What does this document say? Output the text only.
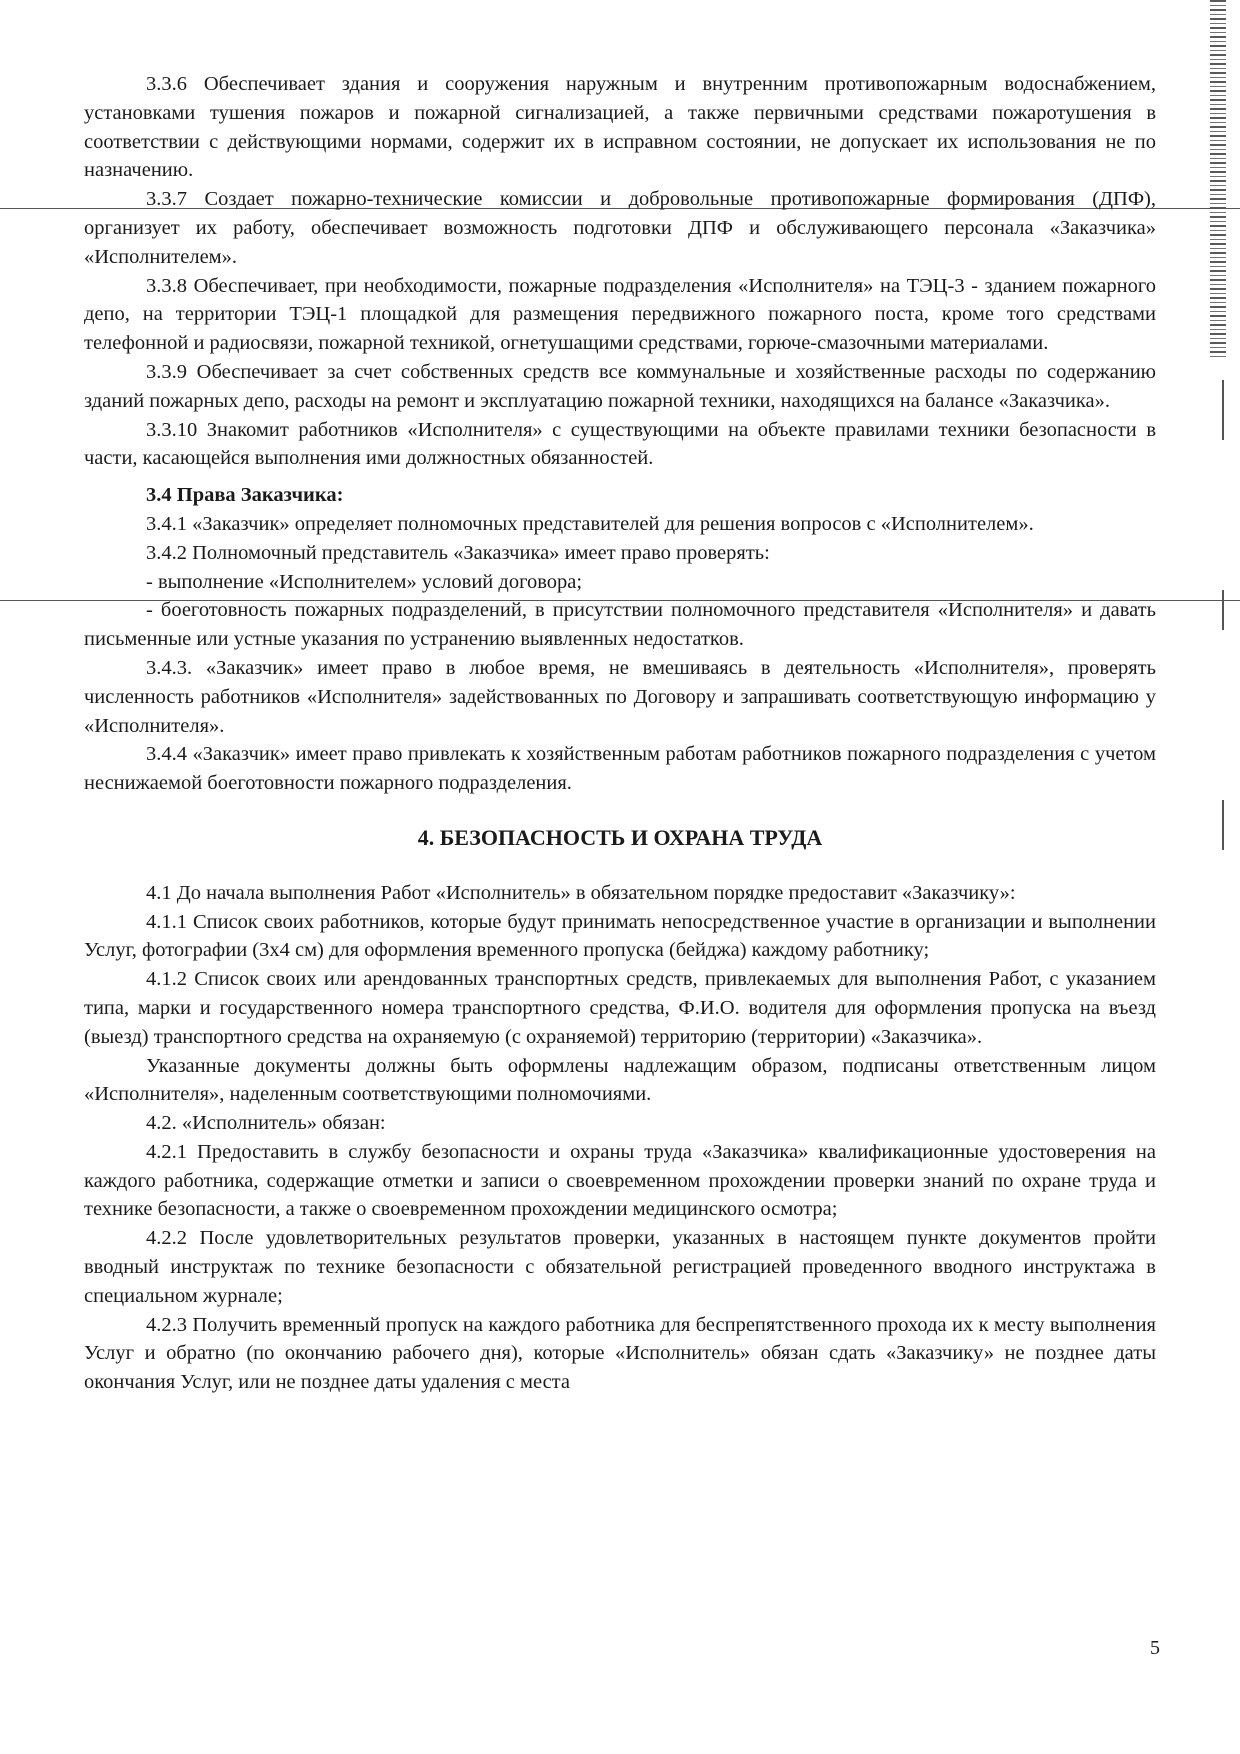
3.3.6 Обеспечивает здания и сооружения наружным и внутренним противопожарным водоснабжением, установками тушения пожаров и пожарной сигнализацией, а также первичными средствами пожаротушения в соответствии с действующими нормами, содержит их в исправном состоянии, не допускает их использования не по назначению.

3.3.7 Создает пожарно-технические комиссии и добровольные противопожарные формирования (ДПФ), организует их работу, обеспечивает возможность подготовки ДПФ и обслуживающего персонала «Заказчика» «Исполнителем».

3.3.8 Обеспечивает, при необходимости, пожарные подразделения «Исполнителя» на ТЭЦ-3 - зданием пожарного депо, на территории ТЭЦ-1 площадкой для размещения передвижного пожарного поста, кроме того средствами телефонной и радиосвязи, пожарной техникой, огнетушащими средствами, горюче-смазочными материалами.

3.3.9 Обеспечивает за счет собственных средств все коммунальные и хозяйственные расходы по содержанию зданий пожарных депо, расходы на ремонт и эксплуатацию пожарной техники, находящихся на балансе «Заказчика».

3.3.10 Знакомит работников «Исполнителя» с существующими на объекте правилами техники безопасности в части, касающейся выполнения ими должностных обязанностей.

3.4 Права Заказчика:

3.4.1 «Заказчик» определяет полномочных представителей для решения вопросов с «Исполнителем».

3.4.2 Полномочный представитель «Заказчика» имеет право проверять:

- выполнение «Исполнителем» условий договора;

- боеготовность пожарных подразделений, в присутствии полномочного представителя «Исполнителя» и давать письменные или устные указания по устранению выявленных недостатков.

3.4.3. «Заказчик» имеет право в любое время, не вмешиваясь в деятельность «Исполнителя», проверять численность работников «Исполнителя» задействованных по Договору и запрашивать соответствующую информацию у «Исполнителя».

3.4.4 «Заказчик» имеет право привлекать к хозяйственным работам работников пожарного подразделения с учетом неснижаемой боеготовности пожарного подразделения.

4. БЕЗОПАСНОСТЬ И ОХРАНА ТРУДА

4.1 До начала выполнения Работ «Исполнитель» в обязательном порядке предоставит «Заказчику»:

4.1.1 Список своих работников, которые будут принимать непосредственное участие в организации и выполнении Услуг, фотографии (3х4 см) для оформления временного пропуска (бейджа) каждому работнику;

4.1.2 Список своих или арендованных транспортных средств, привлекаемых для выполнения Работ, с указанием типа, марки и государственного номера транспортного средства, Ф.И.О. водителя для оформления пропуска на въезд (выезд) транспортного средства на охраняемую (с охраняемой) территорию (территории) «Заказчика».

Указанные документы должны быть оформлены надлежащим образом, подписаны ответственным лицом «Исполнителя», наделенным соответствующими полномочиями.

4.2. «Исполнитель» обязан:

4.2.1 Предоставить в службу безопасности и охраны труда «Заказчика» квалификационные удостоверения на каждого работника, содержащие отметки и записи о своевременном прохождении проверки знаний по охране труда и технике безопасности, а также о своевременном прохождении медицинского осмотра;

4.2.2 После удовлетворительных результатов проверки, указанных в настоящем пункте документов пройти вводный инструктаж по технике безопасности с обязательной регистрацией проведенного вводного инструктажа в специальном журнале;

4.2.3 Получить временный пропуск на каждого работника для беспрепятственного прохода их к месту выполнения Услуг и обратно (по окончанию рабочего дня), которые «Исполнитель» обязан сдать «Заказчику» не позднее даты окончания Услуг, или не позднее даты удаления с места

5
